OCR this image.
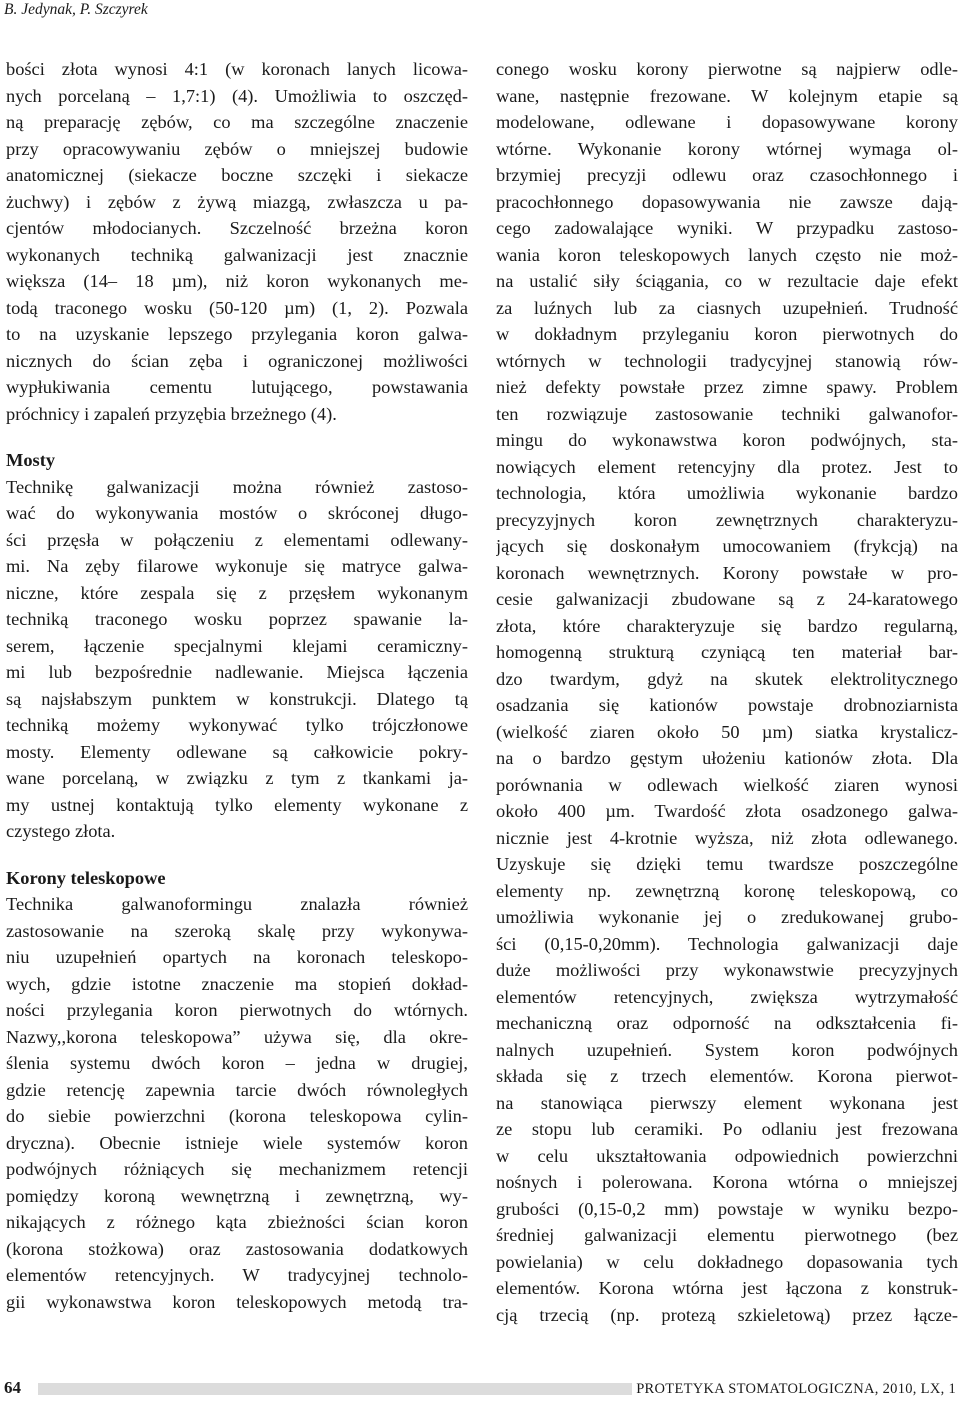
B. Jedynak, P. Szczyrek
bości złota wynosi 4:1 (w koronach lanych licowa-
nych porcelaną – 1,7:1) (4). Umożliwia to oszczęd-
ną preparację zębów, co ma szczególne znaczenie
przy opracowywaniu zębów o mniejszej budowie
anatomicznej (siekacze boczne szczęki i siekacze
żuchwy) i zębów z żywą miazgą, zwłaszcza u pa-
cjentów młodocianych. Szczelność brzeżna koron
wykonanych techniką galwanizacji jest znacznie
większa (14– 18 µm), niż koron wykonanych me-
todą traconego wosku (50-120 µm) (1, 2). Pozwala
to na uzyskanie lepszego przylegania koron galwa-
nicznych do ścian zęba i ograniczonej możliwości
wypłukiwania cementu lutującego, powstawania
próchnicy i zapaleń przyzębia brzeżnego (4).
Mosty
Technikę galwanizacji można również zastoso-
wać do wykonywania mostów o skróconej długo-
ści przęsła w połączeniu z elementami odlewany-
mi. Na zęby filarowe wykonuje się matryce galwa-
niczne, które zespala się z przęsłem wykonanym
techniką traconego wosku poprzez spawanie la-
serem, łączenie specjalnymi klejami ceramiczny-
mi lub bezpośrednie nadlewanie. Miejsca łączenia
są najsłabszym punktem w konstrukcji. Dlatego tą
techniką możemy wykonywać tylko trójczłonowe
mosty. Elementy odlewane są całkowicie pokry-
wane porcelaną, w związku z tym z tkankami ja-
my ustnej kontaktują tylko elementy wykonane z
czystego złota.
Korony teleskopowe
Technika galwanoformingu znalazła również
zastosowanie na szeroką skalę przy wykonywa-
niu uzupełnień opartych na koronach teleskopo-
wych, gdzie istotne znaczenie ma stopień dokład-
ności przylegania koron pierwotnych do wtórnych.
Nazwy,,korona teleskopowa” używa się, dla okre-
ślenia systemu dwóch koron – jedna w drugiej,
gdzie retencję zapewnia tarcie dwóch równoległych
do siebie powierzchni (korona teleskopowa cylin-
dryczna). Obecnie istnieje wiele systemów koron
podwójnych różniących się mechanizmem retencji
pomiędzy koroną wewnętrzną i zewnętrzną, wy-
nikających z różnego kąta zbieżności ścian koron
(korona stożkowa) oraz zastosowania dodatkowych
elementów retencyjnych. W tradycyjnej technolo-
gii wykonawstwa koron teleskopowych metodą tra-
conego wosku korony pierwotne są najpierw odle-
wane, następnie frezowane. W kolejnym etapie są
modelowane, odlewane i dopasowywane korony
wtórne. Wykonanie korony wtórnej wymaga ol-
brzymiej precyzji odlewu oraz czasochłonnego i
pracochłonnego dopasowywania nie zawsze dają-
cego zadowalające wyniki. W przypadku zastoso-
wania koron teleskopowych lanych często nie moż-
na ustalić siły ściągania, co w rezultacie daje efekt
za luźnych lub za ciasnych uzupełnień. Trudność
w dokładnym przyleganiu koron pierwotnych do
wtórnych w technologii tradycyjnej stanowią rów-
nież defekty powstałe przez zimne spawy. Problem
ten rozwiązuje zastosowanie techniki galwanofor-
mingu do wykonawstwa koron podwójnych, sta-
nowiących element retencyjny dla protez. Jest to
technologia, która umożliwia wykonanie bardzo
precyzyjnych koron zewnętrznych charakteryzu-
jących się doskonałym umocowaniem (frykcją) na
koronach wewnętrznych. Korony powstałe w pro-
cesie galwanizacji zbudowane są z 24-karatowego
złota, które charakteryzuje się bardzo regularną,
homogenną strukturą czyniącą ten materiał bar-
dzo twardym, gdyż na skutek elektrolitycznego
osadzania się kationów powstaje drobnoziarnista
(wielkość ziaren około 50 µm) siatka krystalicz-
na o bardzo gęstym ułożeniu kationów złota. Dla
porównania w odlewach wielkość ziaren wynosi
około 400 µm. Twardość złota osadzonego galwa-
nicznie jest 4-krotnie wyższa, niż złota odlewanego.
Uzyskuje się dzięki temu twardsze poszczególne
elementy np. zewnętrzną koronę teleskopową, co
umożliwia wykonanie jej o zredukowanej grubo-
ści (0,15-0,20mm). Technologia galwanizacji daje
duże możliwości przy wykonawstwie precyzyjnych
elementów retencyjnych, zwiększa wytrzymałość
mechaniczną oraz odporność na odkształcenia fi-
nalnych uzupełnień. System koron podwójnych
składa się z trzech elementów. Korona pierwot-
na stanowiąca pierwszy element wykonana jest
ze stopu lub ceramiki. Po odlaniu jest frezowana
w celu ukształtowania odpowiednich powierzchni
nośnych i polerowana. Korona wtórna o mniejszej
grubości (0,15-0,2 mm) powstaje w wyniku bezpo-
średniej galwanizacji elementu pierwotnego (bez
powielania) w celu dokładnego dopasowania tych
elementów. Korona wtórna jest łączona z konstruk-
cją trzecią (np. protezą szkieletową) przez łącze-
64	PROTETYKA STOMATOLOGICZNA, 2010, LX, 1
